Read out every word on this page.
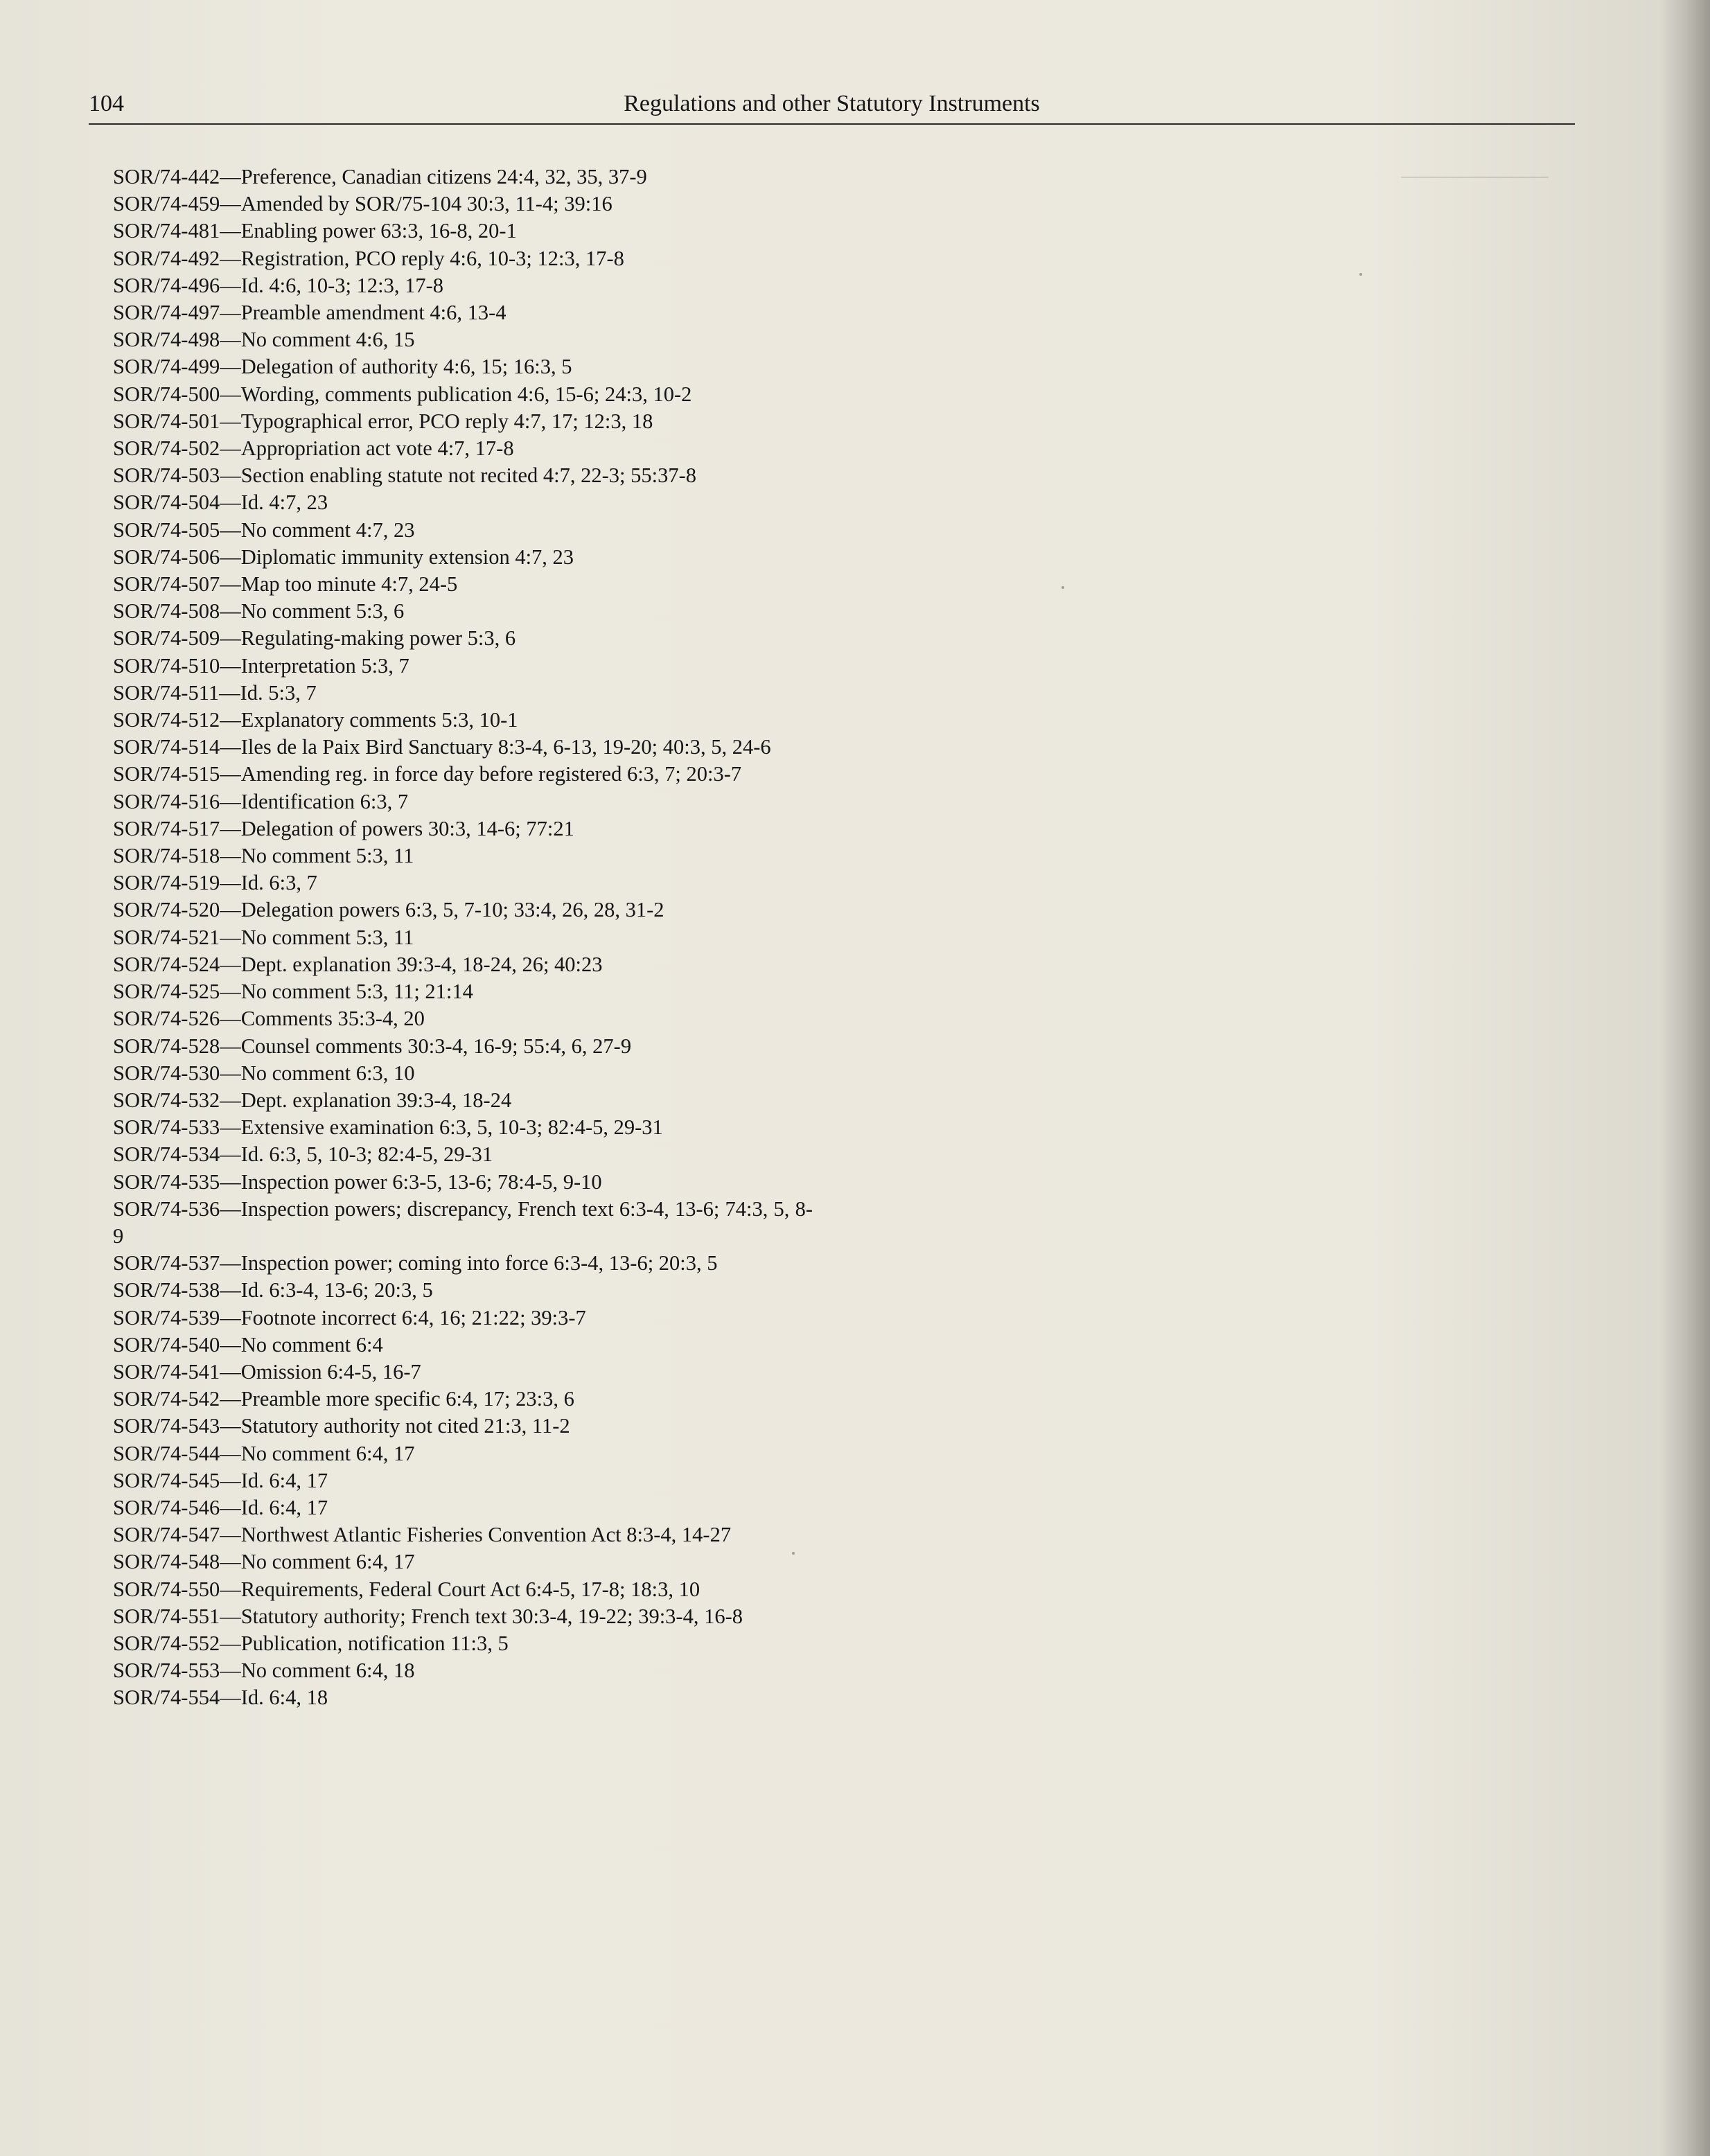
──────────
104	Regulations and other Statutory Instruments
SOR/74-442—Preference, Canadian citizens 24:4, 32, 35, 37-9
SOR/74-459—Amended by SOR/75-104 30:3, 11-4; 39:16
SOR/74-481—Enabling power 63:3, 16-8, 20-1
SOR/74-492—Registration, PCO reply 4:6, 10-3; 12:3, 17-8
SOR/74-496—Id. 4:6, 10-3; 12:3, 17-8
SOR/74-497—Preamble amendment 4:6, 13-4
SOR/74-498—No comment 4:6, 15
SOR/74-499—Delegation of authority 4:6, 15; 16:3, 5
SOR/74-500—Wording, comments publication 4:6, 15-6; 24:3, 10-2
SOR/74-501—Typographical error, PCO reply 4:7, 17; 12:3, 18
SOR/74-502—Appropriation act vote 4:7, 17-8
SOR/74-503—Section enabling statute not recited 4:7, 22-3; 55:37-8
SOR/74-504—Id. 4:7, 23
SOR/74-505—No comment 4:7, 23
SOR/74-506—Diplomatic immunity extension 4:7, 23
SOR/74-507—Map too minute 4:7, 24-5
SOR/74-508—No comment 5:3, 6
SOR/74-509—Regulating-making power 5:3, 6
SOR/74-510—Interpretation 5:3, 7
SOR/74-511—Id. 5:3, 7
SOR/74-512—Explanatory comments 5:3, 10-1
SOR/74-514—Iles de la Paix Bird Sanctuary 8:3-4, 6-13, 19-20; 40:3, 5, 24-6
SOR/74-515—Amending reg. in force day before registered 6:3, 7; 20:3-7
SOR/74-516—Identification 6:3, 7
SOR/74-517—Delegation of powers 30:3, 14-6; 77:21
SOR/74-518—No comment 5:3, 11
SOR/74-519—Id. 6:3, 7
SOR/74-520—Delegation powers 6:3, 5, 7-10; 33:4, 26, 28, 31-2
SOR/74-521—No comment 5:3, 11
SOR/74-524—Dept. explanation 39:3-4, 18-24, 26; 40:23
SOR/74-525—No comment 5:3, 11; 21:14
SOR/74-526—Comments 35:3-4, 20
SOR/74-528—Counsel comments 30:3-4, 16-9; 55:4, 6, 27-9
SOR/74-530—No comment 6:3, 10
SOR/74-532—Dept. explanation 39:3-4, 18-24
SOR/74-533—Extensive examination 6:3, 5, 10-3; 82:4-5, 29-31
SOR/74-534—Id. 6:3, 5, 10-3; 82:4-5, 29-31
SOR/74-535—Inspection power 6:3-5, 13-6; 78:4-5, 9-10
SOR/74-536—Inspection powers; discrepancy, French text 6:3-4, 13-6; 74:3, 5, 8-9
SOR/74-537—Inspection power; coming into force 6:3-4, 13-6; 20:3, 5
SOR/74-538—Id. 6:3-4, 13-6; 20:3, 5
SOR/74-539—Footnote incorrect 6:4, 16; 21:22; 39:3-7
SOR/74-540—No comment 6:4
SOR/74-541—Omission 6:4-5, 16-7
SOR/74-542—Preamble more specific 6:4, 17; 23:3, 6
SOR/74-543—Statutory authority not cited 21:3, 11-2
SOR/74-544—No comment 6:4, 17
SOR/74-545—Id. 6:4, 17
SOR/74-546—Id. 6:4, 17
SOR/74-547—Northwest Atlantic Fisheries Convention Act 8:3-4, 14-27
SOR/74-548—No comment 6:4, 17
SOR/74-550—Requirements, Federal Court Act 6:4-5, 17-8; 18:3, 10
SOR/74-551—Statutory authority; French text 30:3-4, 19-22; 39:3-4, 16-8
SOR/74-552—Publication, notification 11:3, 5
SOR/74-553—No comment 6:4, 18
SOR/74-554—Id. 6:4, 18
